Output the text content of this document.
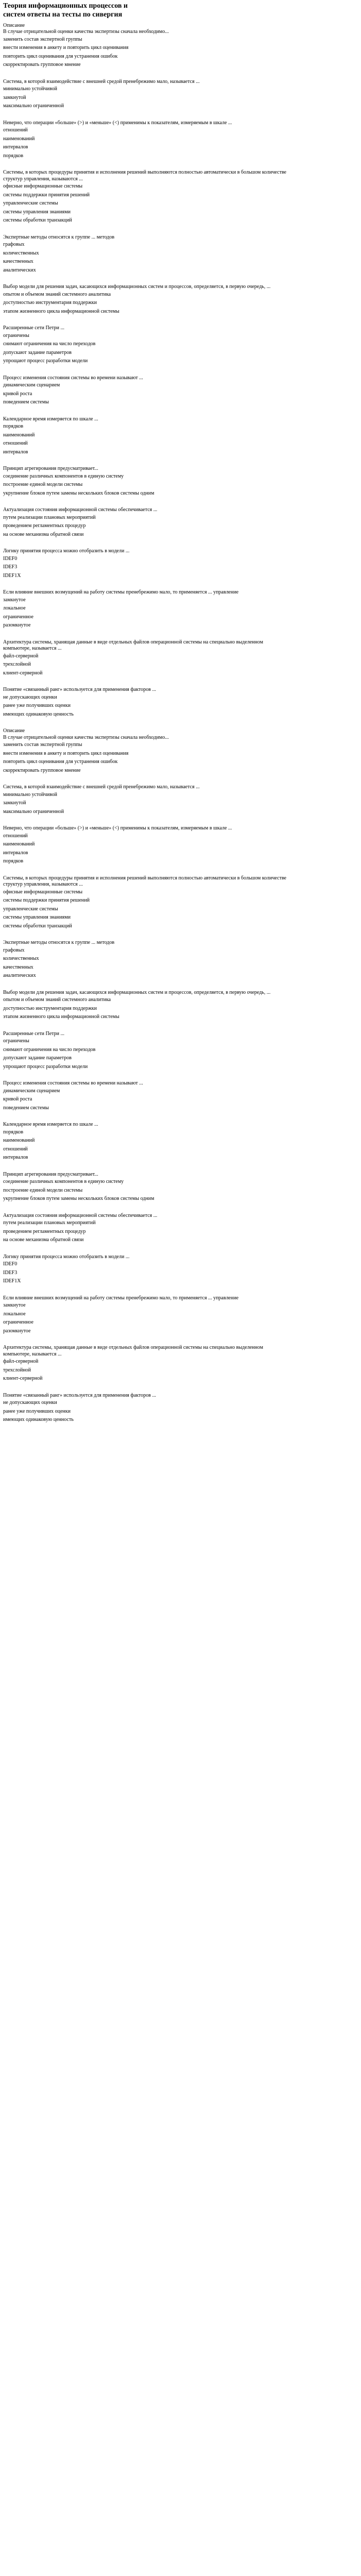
Теория информационных процессов и систем ответы на тесты по сивергия

Описание
В случае отрицательной оценки качества экспертизы сначала необходимо...

заменить состав экспертной группы
внести изменения в анкету и повторить цикл оценивания
повторить цикл оценивания для устранения ошибок
скорректировать групповое мнение

Система, в которой взаимодействие с внешней средой пренебрежимо мало, называется ...

минимально устойчивой
замкнутой
максимально ограниченной

Неверно, что операции «больше» (>) и «меньше» (<) применимы к показателям, измеряемым в шкале ...

отношений
наименований
интервалов
порядков

Системы, в которых процедуры принятия и исполнения решений выполняются полностью автоматически в большом количестве структур управления, называются ...

офисные информационные системы
системы поддержки принятия решений
управленческие системы
системы управления знаниями
системы обработки транзакций

Экспертные методы относятся к группе ... методов

графовых
количественных
качественных
аналитических

Выбор модели для решения задач, касающихся информационных систем и процессов, определяется, в первую очередь, ...

опытом и объемом знаний системного аналитика
доступностью инструментария поддержки
этапом жизненного цикла информационной системы

Расширенные сети Петри ...

ограничены
снимают ограничения на число переходов
допускают задание параметров
упрощают процесс разработки модели

Процесс изменения состояния системы во времени называют ...

динамическим сценарием
кривой роста
поведением системы

Календарное время измеряется по шкале ...

порядков
наименований
отношений
интервалов

Принцип агрегирования предусматривает...

соединение различных компонентов в единую систему
построение единой модели системы
укрупнение блоков путем замены нескольких блоков системы одним

Актуализация состояния информационной системы обеспечивается ...

путем реализации плановых мероприятий
проведением регламентных процедур
на основе механизма обратной связи

Логику принятия процесса можно отобразить в модели ...

IDEF0
IDEF3
IDEF1X

Если влияние внешних возмущений на работу системы пренебрежимо мало, то применяется ... управление

замкнутое
локальное
ограниченное
разомкнутое

Архитектура системы, хранящая данные в виде отдельных файлов операционной системы на специально выделенном компьютере, называется ...

файл-серверной
трехслойной
клиент-серверной

Понятие «связанный ранг» используется для применения факторов ...

не допускающих оценки
ранее уже получивших оценки
имеющих одинаковую ценность

Описание
В случае отрицательной оценки качества экспертизы сначала необходимо...

заменить состав экспертной группы
внести изменения в анкету и повторить цикл оценивания
повторить цикл оценивания для устранения ошибок
скорректировать групповое мнение

Система, в которой взаимодействие с внешней средой пренебрежимо мало, называется ...

минимально устойчивой
замкнутой
максимально ограниченной

Неверно, что операции «больше» (>) и «меньше» (<) применимы к показателям, измеряемым в шкале ...

отношений
наименований
интервалов
порядков

Системы, в которых процедуры принятия и исполнения решений выполняются полностью автоматически в большом количестве структур управления, называются ...

офисные информационные системы
системы поддержки принятия решений
управленческие системы
системы управления знаниями
системы обработки транзакций

Экспертные методы относятся к группе ... методов

графовых
количественных
качественных
аналитических

Выбор модели для решения задач, касающихся информационных систем и процессов, определяется, в первую очередь, ...

опытом и объемом знаний системного аналитика
доступностью инструментария поддержки
этапом жизненного цикла информационной системы

Расширенные сети Петри ...

ограничены
снимают ограничения на число переходов
допускают задание параметров
упрощают процесс разработки модели

Процесс изменения состояния системы во времени называют ...

динамическим сценарием
кривой роста
поведением системы

Календарное время измеряется по шкале ...

порядков
наименований
отношений
интервалов

Принцип агрегирования предусматривает...

соединение различных компонентов в единую систему
построение единой модели системы
укрупнение блоков путем замены нескольких блоков системы одним

Актуализация состояния информационной системы обеспечивается ...

путем реализации плановых мероприятий
проведением регламентных процедур
на основе механизма обратной связи

Логику принятия процесса можно отобразить в модели ...

IDEF0
IDEF3
IDEF1X

Если влияние внешних возмущений на работу системы пренебрежимо мало, то применяется ... управление

замкнутое
локальное
ограниченное
разомкнутое

Архитектура системы, хранящая данные в виде отдельных файлов операционной системы на специально выделенном компьютере, называется ...

файл-серверной
трехслойной
клиент-серверной

Понятие «связанный ранг» используется для применения факторов ...

не допускающих оценки
ранее уже получивших оценки
имеющих одинаковую ценность
